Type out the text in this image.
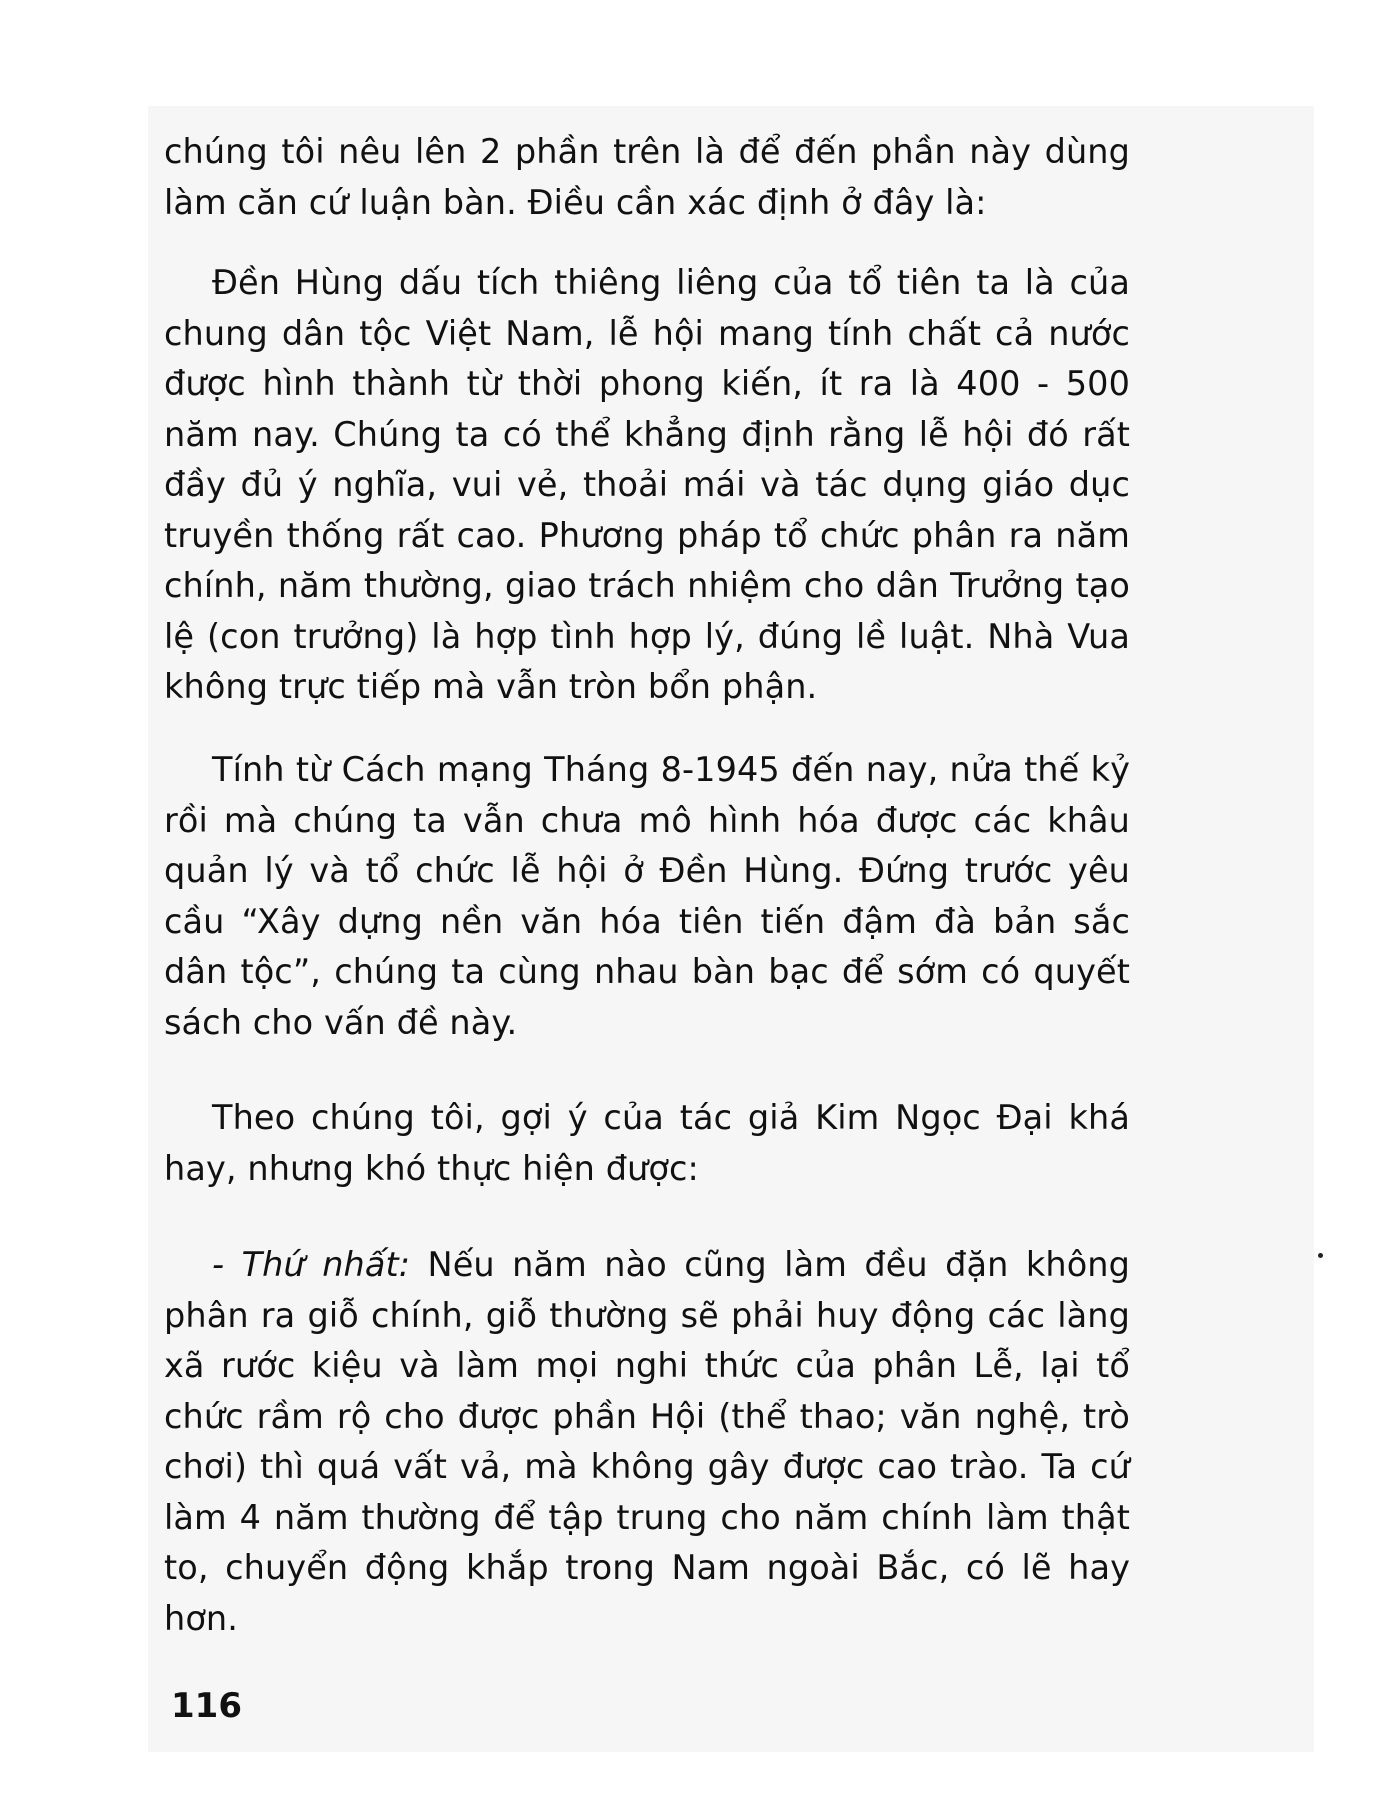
chúng tôi nêu lên 2 phần trên là để đến phần này dùng làm căn cứ luận bàn. Điều cần xác định ở đây là:

Đền Hùng dấu tích thiêng liêng của tổ tiên ta là của chung dân tộc Việt Nam, lễ hội mang tính chất cả nước được hình thành từ thời phong kiến, ít ra là 400 - 500 năm nay. Chúng ta có thể khẳng định rằng lễ hội đó rất đầy đủ ý nghĩa, vui vẻ, thoải mái và tác dụng giáo dục truyền thống rất cao. Phương pháp tổ chức phân ra năm chính, năm thường, giao trách nhiệm cho dân Trưởng tạo lệ (con trưởng) là hợp tình hợp lý, đúng lề luật. Nhà Vua không trực tiếp mà vẫn tròn bổn phận.

Tính từ Cách mạng Tháng 8-1945 đến nay, nửa thế kỷ rồi mà chúng ta vẫn chưa mô hình hóa được các khâu quản lý và tổ chức lễ hội ở Đền Hùng. Đứng trước yêu cầu “Xây dựng nền văn hóa tiên tiến đậm đà bản sắc dân tộc”, chúng ta cùng nhau bàn bạc để sớm có quyết sách cho vấn đề này.

Theo chúng tôi, gợi ý của tác giả Kim Ngọc Đại khá hay, nhưng khó thực hiện được:

- Thứ nhất: Nếu năm nào cũng làm đều đặn không phân ra giỗ chính, giỗ thường sẽ phải huy động các làng xã rước kiệu và làm mọi nghi thức của phân Lễ, lại tổ chức rầm rộ cho được phần Hội (thể thao; văn nghệ, trò chơi) thì quá vất vả, mà không gây được cao trào. Ta cứ làm 4 năm thường để tập trung cho năm chính làm thật to, chuyển động khắp trong Nam ngoài Bắc, có lẽ hay hơn.

116
